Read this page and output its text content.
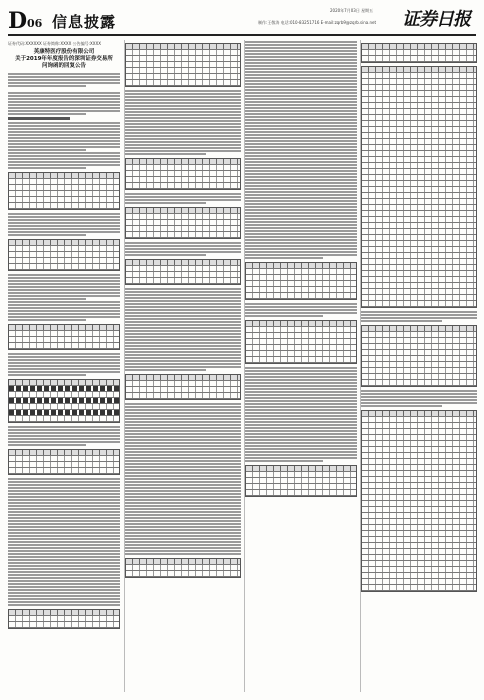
D 06 信息披露
2020年7月03日 星期五
制作:王敬涛 电话:010-83251716 E-mail:zqrb9@zqrb.sina.net 证券日报
证券代码:XXXXXX 证券简称:XXXX 公告编号:XXXX
英康特医疗股份有限公司
关于2019年年度报告的深圳证券交易所
问询函的回复公告
